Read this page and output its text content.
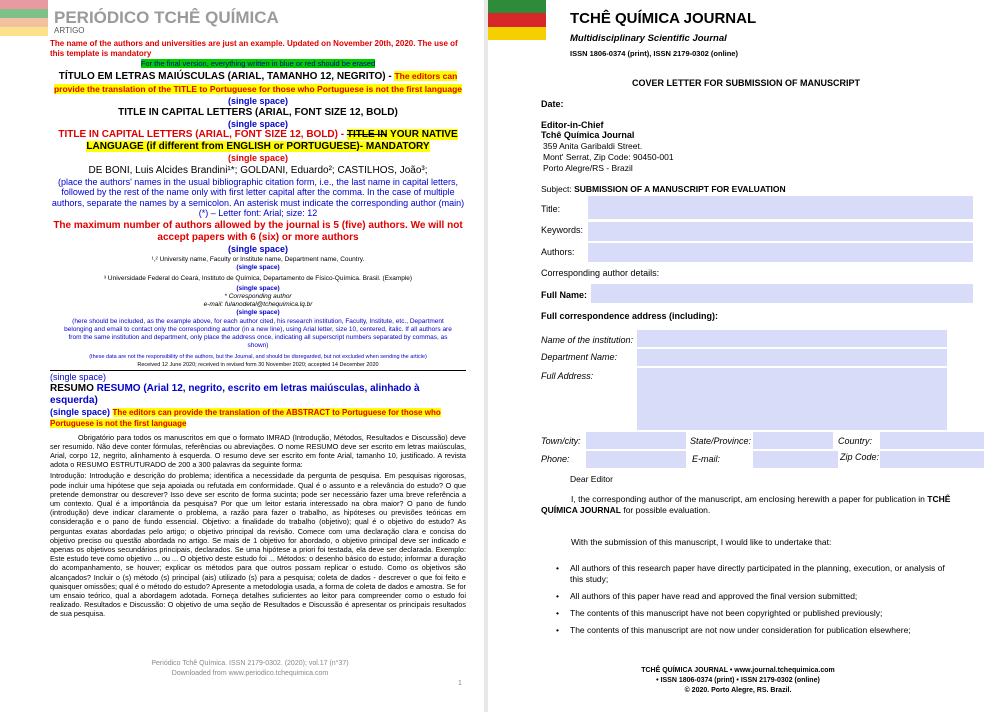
PERIÓDICO TCHÊ QUÍMICA
ARTIGO
The name of the authors and universities are just an example. Updated on November 20th, 2020. The use of this template is mandatory
For the final version, everything written in blue or red should be erased
TÍTULO EM LETRAS MAIÚSCULAS (ARIAL, TAMANHO 12, NEGRITO) - The editors can provide the translation of the TITLE to Portuguese for those who Portuguese is not the first language
(single space)
TITLE IN CAPITAL LETTERS (ARIAL, FONT SIZE 12, BOLD)
(single space)
TITLE IN CAPITAL LETTERS (ARIAL, FONT SIZE 12, BOLD) - TITLE IN YOUR NATIVE LANGUAGE (if different from ENGLISH or PORTUGUESE)- MANDATORY
(single space)
DE BONI, Luis Alcides Brandini¹*; GOLDANI, Eduardo²; CASTILHOS, João³;
(place the authors' names in the usual bibliographic citation form, i.e., the last name in capital letters, followed by the rest of the name only with first letter capital after the comma. In the case of multiple authors, separate the names by a semicolon. An asterisk must indicate the corresponding author (main) (*) – Letter font: Arial; size: 12
The maximum number of authors allowed by the journal is 5 (five) authors. We will not accept papers with 6 (six) or more authors
(single space)
¹,² University name, Faculty or Institute name, Department name, Country.
(single space)
³ Universidade Federal do Ceará, Instituto de Química, Departamento de Físico-Química. Brasil. (Example)
(single space)
* Corresponding author
e-mail: fulanodetal@tchequimica.lq.br
(single space)
(here should be included, as the example above, for each author cited, his research institution, Faculty, Institute, etc., Department belonging and email to contact only the corresponding author (in a new line), using Arial letter, size 10, centered, italic. If all authors are from the same institution and department, only place the address once, indicating all superscript numbers separated by commas, as shown)
(these data are not the responsibility of the authors, but the Journal, and should be disregarded, but not excluded when sending the article)
Received 12 June 2020; received in revised form 30 November 2020; accepted 14 December 2020
(single space)
RESUMO RESUMO (Arial 12, negrito, escrito em letras maiúsculas, alinhado à esquerda)
(single space) The editors can provide the translation of the ABSTRACT to Portuguese for those who Portuguese is not the first language
Obrigatório para todos os manuscritos em que o formato IMRAD (Introdução, Métodos, Resultados e Discussão) deve ser resumido. Não deve conter fórmulas, referências ou abreviações. O nome RESUMO deve ser escrito em letras maiúsculas, Arial, corpo 12, negrito, alinhamento à esquerda. O resumo deve ser escrito em fonte Arial, tamanho 10, justificado. A revista adota o RESUMO ESTRUTURADO de 200 a 300 palavras da seguinte forma:
Introdução: Introdução e descrição do problema; identifica a necessidade da pergunta de pesquisa. Em pesquisas rigorosas, pode incluir uma hipótese que seja apoiada ou refutada em conformidade. Qual é o assunto e a relevância do estudo? O que pretende demonstrar ou descrever? Isso deve ser escrito de forma sucinta; pode ser necessário fazer uma breve referência a um contexto. Qual é a importância da pesquisa? Por que um leitor estaria interessado na obra maior? O pano de fundo (introdução) deve indicar claramente o problema, a razão para fazer o trabalho, as hipóteses ou previsões teóricas em consideração e o pano de fundo essencial. Objetivo: a finalidade do trabalho (objetivo); qual é o objetivo do estudo? As perguntas exatas abordadas pelo artigo; o objetivo principal da revisão. Comece com uma declaração clara e concisa do objetivo preciso ou questão abordada no artigo. Se mais de 1 objetivo for abordado, o objetivo principal deve ser indicado e apenas os objetivos secundários principais, declarados. Se uma hipótese a priori foi testada, ela deve ser declarada. Exemplo: Este estudo teve como objetivo ... ou ... O objetivo deste estudo foi ... Métodos: o desenho básico do estudo; informar a duração do acompanhamento, se houver; explicar os métodos para que outros possam replicar o estudo. Como os objetivos são alcançados? Incluir o (s) método (s) principal (ais) utilizado (s) para a pesquisa; coleta de dados - descrever o que foi feito e quaisquer omissões; qual é o método do estudo? Apresente a metodologia usada, a forma de coleta de dados e amostra. Se for um ensaio teórico, qual a abordagem adotada. Forneça detalhes suficientes ao leitor para compreender como o estudo foi realizado. Resultados e Discussão: O objetivo de uma seção de Resultados e Discussão é apresentar os principais resultados de sua pesquisa.
Periódico Tchê Química. ISSN 2179-0302. (2020); vol.17 (n°37)
Downloaded from www.periodico.tchequimica.com
1
TCHÊ QUÍMICA JOURNAL
Multidisciplinary Scientific Journal
ISSN 1806-0374 (print), ISSN 2179-0302 (online)
COVER LETTER FOR SUBMISSION OF MANUSCRIPT
Date:
Editor-in-Chief
Tchê Química Journal
359 Anita Garibaldi Street.
Mont' Serrat, Zip Code: 90450-001
Porto Alegre/RS - Brazil
Subject: SUBMISSION OF A MANUSCRIPT FOR EVALUATION
Title:
Keywords:
Authors:
Corresponding author details:
Full Name:
Full correspondence address (including):
Name of the institution:
Department Name:
Full Address:
Town/city:	State/Province:	Country:
Phone:	E-mail:	Zip Code:
Dear Editor
I, the corresponding author of the manuscript, am enclosing herewith a paper for publication in TCHÊ QUÍMICA JOURNAL for possible evaluation.
With the submission of this manuscript, I would like to undertake that:
• All authors of this research paper have directly participated in the planning, execution, or analysis of this study;
• All authors of this paper have read and approved the final version submitted;
• The contents of this manuscript have not been copyrighted or published previously;
• The contents of this manuscript are not now under consideration for publication elsewhere;
TCHÊ QUÍMICA JOURNAL • www.journal.tchequimica.com
• ISSN 1806-0374 (print) • ISSN 2179-0302 (online)
© 2020. Porto Alegre, RS. Brazil.
